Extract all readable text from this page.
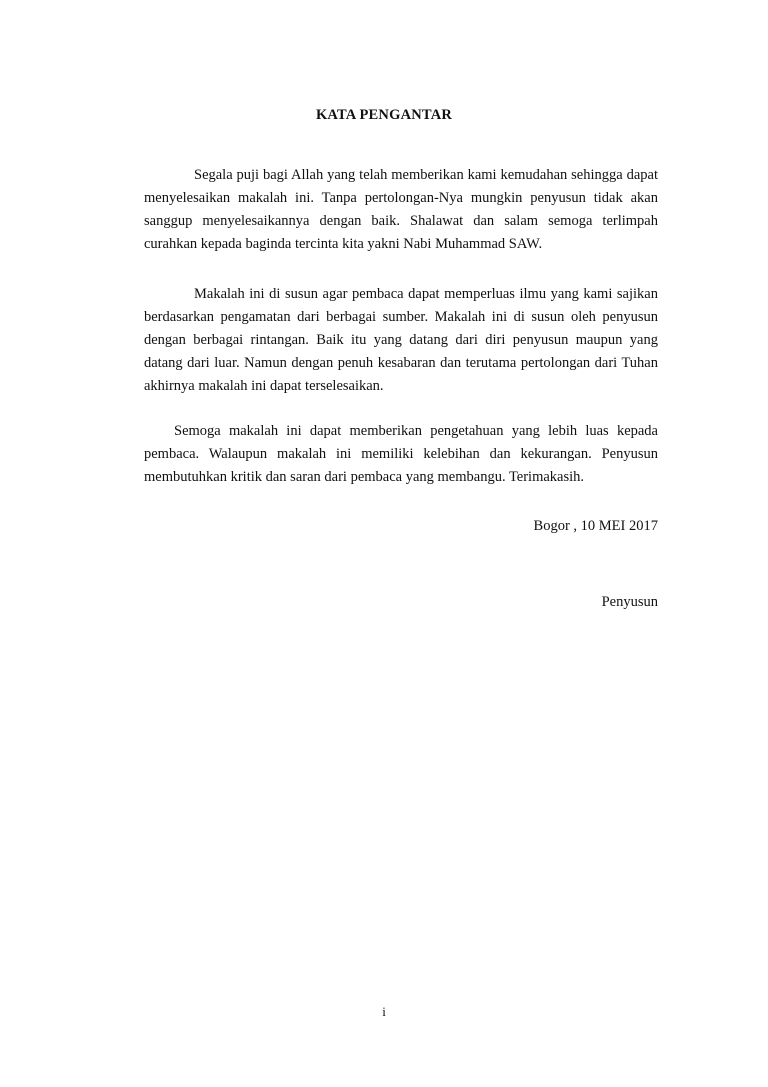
KATA PENGANTAR

Segala puji bagi Allah yang telah memberikan kami kemudahan sehingga dapat menyelesaikan makalah ini. Tanpa pertolongan-Nya mungkin penyusun tidak akan sanggup menyelesaikannya dengan baik. Shalawat dan salam semoga terlimpah curahkan kepada baginda tercinta kita yakni Nabi Muhammad SAW.

Makalah ini di susun agar pembaca dapat memperluas ilmu yang kami sajikan berdasarkan pengamatan dari berbagai sumber. Makalah ini di susun oleh penyusun dengan berbagai rintangan. Baik itu yang datang dari diri penyusun maupun yang datang dari luar. Namun dengan penuh kesabaran dan terutama pertolongan dari Tuhan akhirnya makalah ini dapat terselesaikan.

Semoga makalah ini dapat memberikan pengetahuan yang lebih luas kepada pembaca. Walaupun makalah ini memiliki kelebihan dan kekurangan. Penyusun membutuhkan kritik dan saran dari pembaca yang membangu. Terimakasih.

Bogor , 10 MEI 2017
Penyusun
i
